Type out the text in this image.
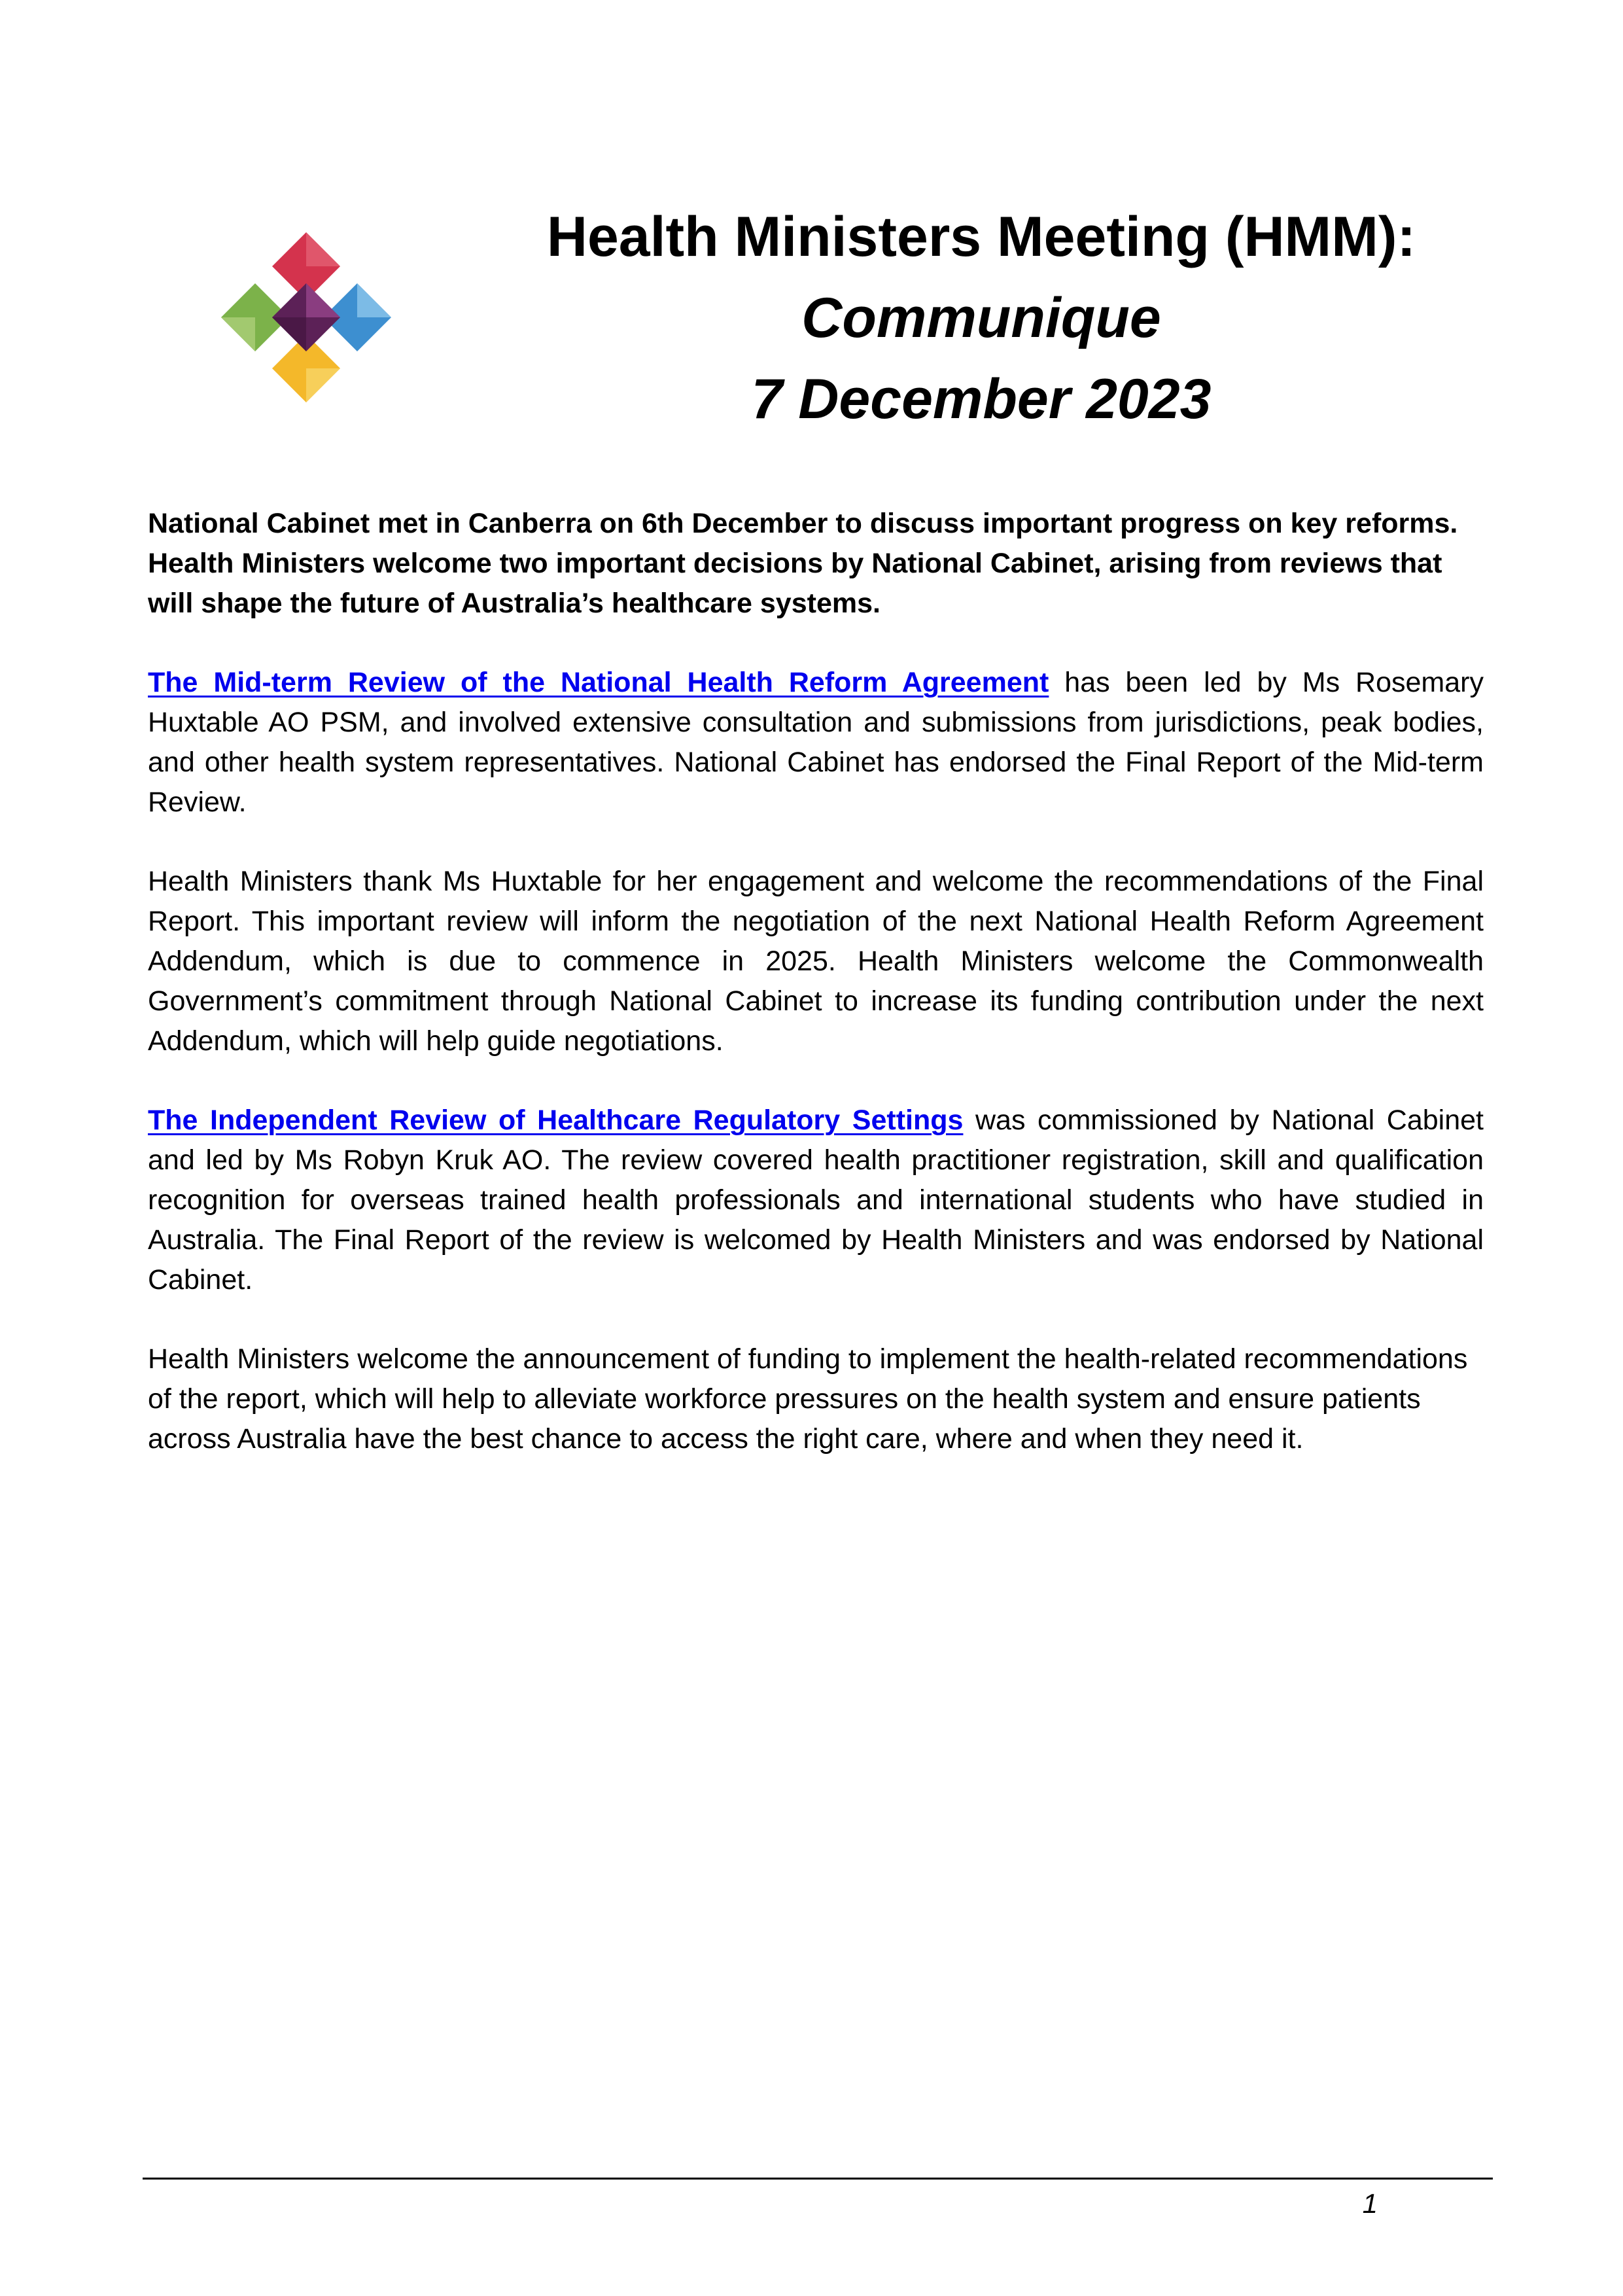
Health Ministers Meeting (HMM):

Communique

7 December 2023

National Cabinet met in Canberra on 6th December to discuss important progress on key reforms. Health Ministers welcome two important decisions by National Cabinet, arising from reviews that will shape the future of Australia’s healthcare systems.

The Mid-term Review of the National Health Reform Agreement has been led by Ms Rosemary Huxtable AO PSM, and involved extensive consultation and submissions from jurisdictions, peak bodies, and other health system representatives. National Cabinet has endorsed the Final Report of the Mid-term Review.

Health Ministers thank Ms Huxtable for her engagement and welcome the recommendations of the Final Report. This important review will inform the negotiation of the next National Health Reform Agreement Addendum, which is due to commence in 2025. Health Ministers welcome the Commonwealth Government’s commitment through National Cabinet to increase its funding contribution under the next Addendum, which will help guide negotiations.

The Independent Review of Healthcare Regulatory Settings was commissioned by National Cabinet and led by Ms Robyn Kruk AO. The review covered health practitioner registration, skill and qualification recognition for overseas trained health professionals and international students who have studied in Australia. The Final Report of the review is welcomed by Health Ministers and was endorsed by National Cabinet.

Health Ministers welcome the announcement of funding to implement the health-related recommendations of the report, which will help to alleviate workforce pressures on the health system and ensure patients across Australia have the best chance to access the right care, where and when they need it.

1
